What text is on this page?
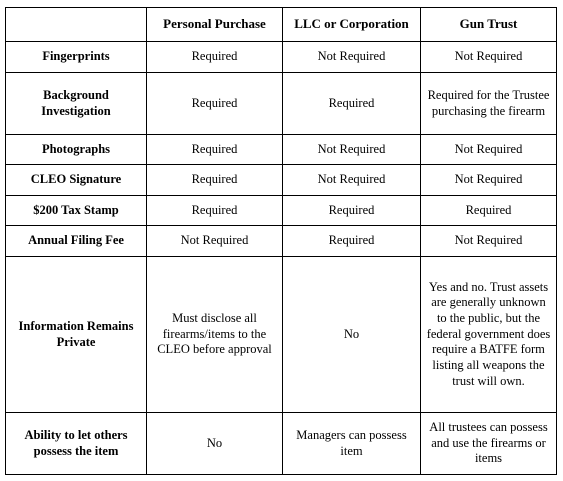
	Personal Purchase	LLC or Corporation	Gun Trust
Fingerprints	Required	Not Required	Not Required
Background Investigation	Required	Required	Required for the Trustee purchasing the firearm
Photographs	Required	Not Required	Not Required
CLEO Signature	Required	Not Required	Not Required
$200 Tax Stamp	Required	Required	Required
Annual Filing Fee	Not Required	Required	Not Required
Information Remains Private	Must disclose all firearms/items to the CLEO before approval	No	Yes and no. Trust assets are generally unknown to the public, but the federal government does require a BATFE form listing all weapons the trust will own.
Ability to let others possess the item	No	Managers can possess item	All trustees can possess and use the firearms or items
